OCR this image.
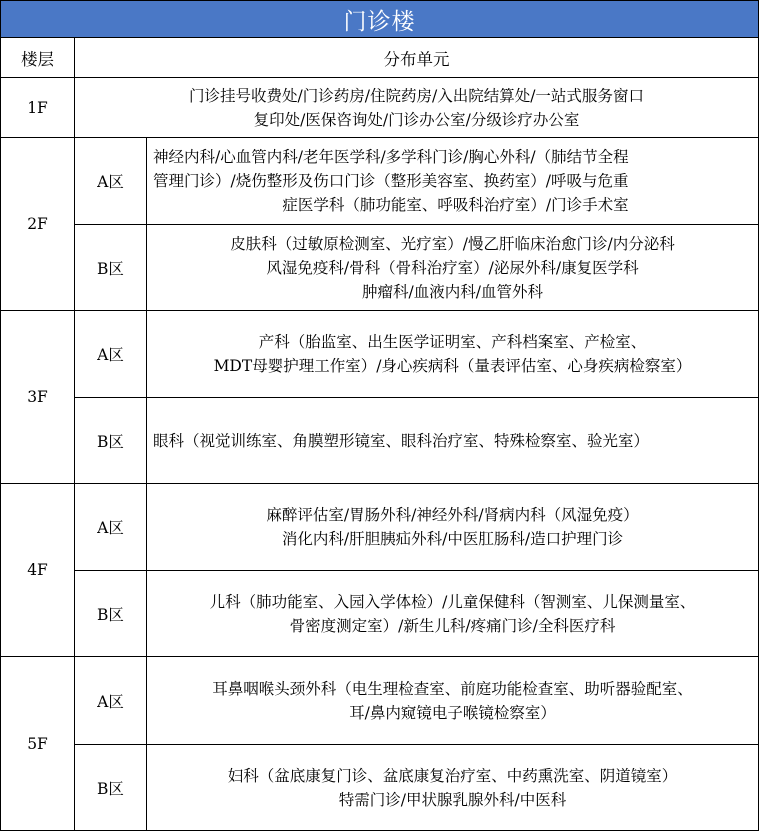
门诊楼		
楼层	分布单元	
1F	门诊挂号收费处/门诊药房/住院药房/入出院结算处/一站式服务窗口
复印处/医保咨询处/门诊办公室/分级诊疗办公室	

2F	A区	神经内科/心血管内科/老年医学科/多学科门诊/胸心外科/（肺结节全程
管理门诊）/烧伤整形及伤口门诊（整形美容室、换药室）/呼吸与危重
症医学科（肺功能室、呼吸科治疗室）/门诊手术室

	B区	皮肤科（过敏原检测室、光疗室）/慢乙肝临床治愈门诊/内分泌科
风湿免疫科/骨科（骨科治疗室）/泌尿外科/康复医学科
肿瘤科/血液内科/血管外科

3F	A区	产科（胎监室、出生医学证明室、产科档案室、产检室、
MDT母婴护理工作室）/身心疾病科（量表评估室、心身疾病检察室）

	B区	眼科（视觉训练室、角膜塑形镜室、眼科治疗室、特殊检察室、验光室）

4F	A区	麻醉评估室/胃肠外科/神经外科/肾病内科（风湿免疫）
消化内科/肝胆胰疝外科/中医肛肠科/造口护理门诊

	B区	儿科（肺功能室、入园入学体检）/儿童保健科（智测室、儿保测量室、
骨密度测定室）/新生儿科/疼痛门诊/全科医疗科

5F	A区	耳鼻咽喉头颈外科（电生理检查室、前庭功能检查室、助听器验配室、
耳/鼻内窥镜电子喉镜检察室）

	B区	妇科（盆底康复门诊、盆底康复治疗室、中药熏洗室、阴道镜室）
特需门诊/甲状腺乳腺外科/中医科
